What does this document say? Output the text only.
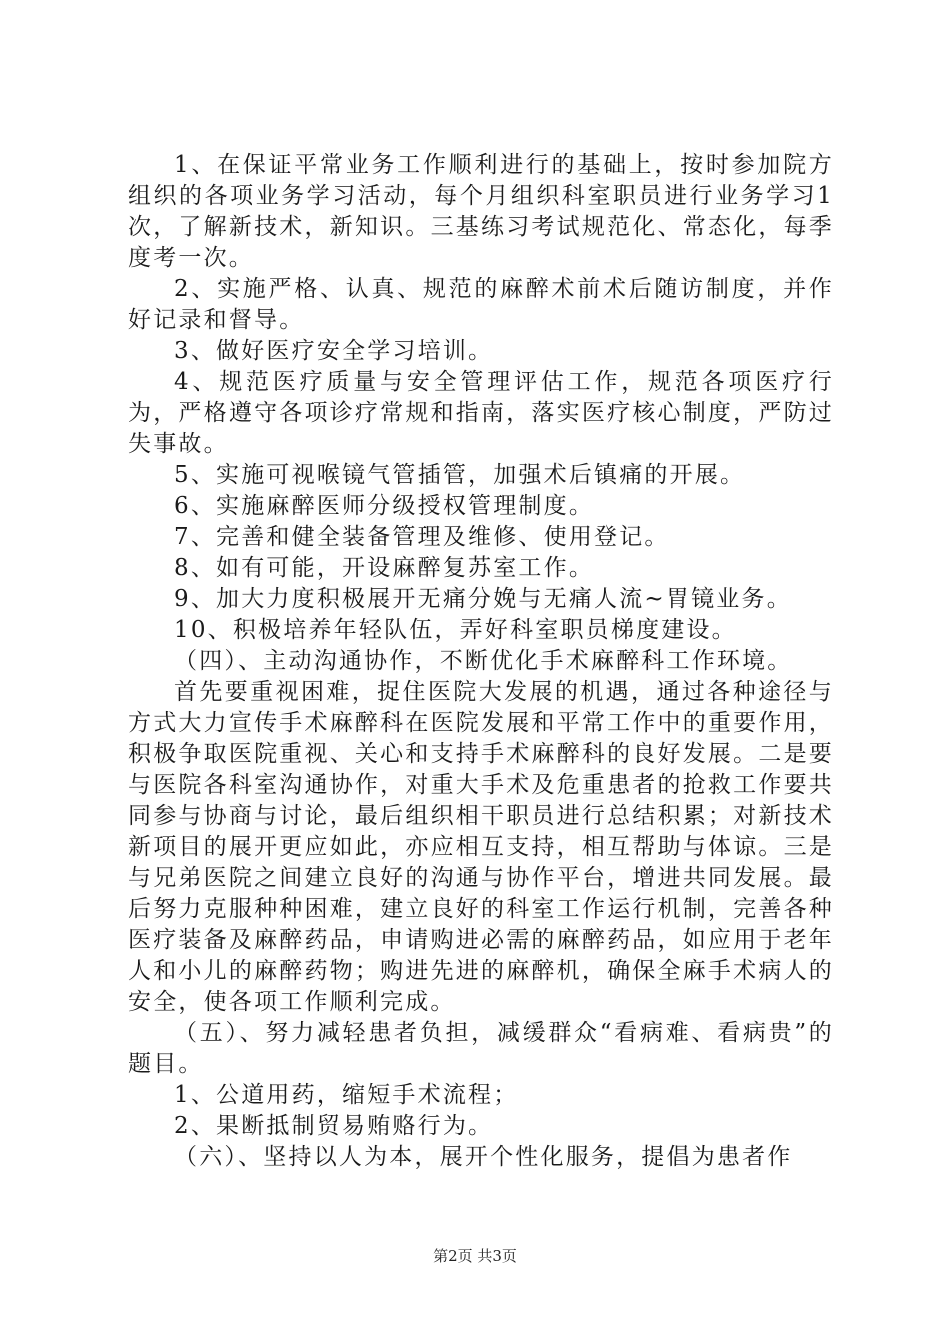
1、在保证平常业务工作顺利进行的基础上，按时参加院方组织的各项业务学习活动，每个月组织科室职员进行业务学习1次，了解新技术，新知识。三基练习考试规范化、常态化，每季度考一次。

2、实施严格、认真、规范的麻醉术前术后随访制度，并作好记录和督导。

3、做好医疗安全学习培训。

4、规范医疗质量与安全管理评估工作，规范各项医疗行为，严格遵守各项诊疗常规和指南，落实医疗核心制度，严防过失事故。

5、实施可视喉镜气管插管，加强术后镇痛的开展。

6、实施麻醉医师分级授权管理制度。

7、完善和健全装备管理及维修、使用登记。

8、如有可能，开设麻醉复苏室工作。

9、加大力度积极展开无痛分娩与无痛人流~胃镜业务。

10、积极培养年轻队伍，弄好科室职员梯度建设。

（四）、主动沟通协作，不断优化手术麻醉科工作环境。

首先要重视困难，捉住医院大发展的机遇，通过各种途径与方式大力宣传手术麻醉科在医院发展和平常工作中的重要作用，积极争取医院重视、关心和支持手术麻醉科的良好发展。二是要与医院各科室沟通协作，对重大手术及危重患者的抢救工作要共同参与协商与讨论，最后组织相干职员进行总结积累；对新技术新项目的展开更应如此，亦应相互支持，相互帮助与体谅。三是与兄弟医院之间建立良好的沟通与协作平台，增进共同发展。最后努力克服种种困难，建立良好的科室工作运行机制，完善各种医疗装备及麻醉药品，申请购进必需的麻醉药品，如应用于老年人和小儿的麻醉药物；购进先进的麻醉机，确保全麻手术病人的安全，使各项工作顺利完成。

（五）、努力减轻患者负担，减缓群众“看病难、看病贵”的题目。

1、公道用药，缩短手术流程；

2、果断抵制贸易贿赂行为。

（六）、坚持以人为本，展开个性化服务，提倡为患者作

第2页 共3页
